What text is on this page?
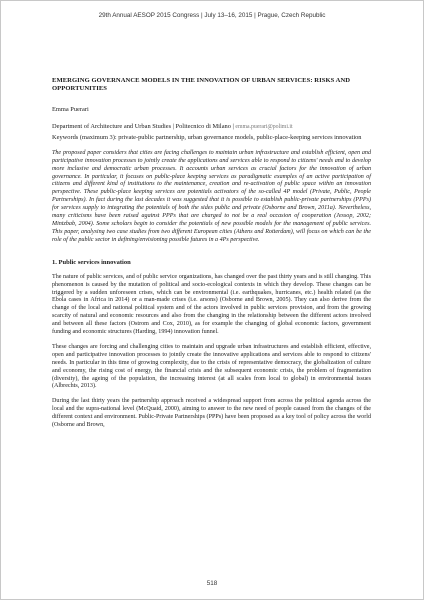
29th Annual AESOP 2015 Congress | July 13–16, 2015 | Prague, Czech Republic

EMERGING GOVERNANCE MODELS IN THE INNOVATION OF URBAN SERVICES: RISKS AND OPPORTUNITIES

Emma Puerari

Department of Architecture and Urban Studies | Politecnico di Milano | emma.puerari@polimi.it

Keywords (maximum 3): private-public partnership, urban governance models, public-place-keeping services innovation

The proposed paper considers that cities are facing challenges to maintain urban infrastructure and establish efficient, open and participative innovation processes to jointly create the applications and services able to respond to citizens' needs and to develop more inclusive and democratic urban processes. It accounts urban services as crucial factors for the innovation of urban governance. In particular, it focuses on public-place keeping services as paradigmatic examples of an active participation of citizens and different kind of institutions to the maintenance, creation and re-activation of public space within an innovation perspective. These public-place keeping services are potentials activators of the so-called 4P model (Private, Public, People Partnerships). In fact during the last decades it was suggested that it is possible to establish public-private partnerships (PPPs) for services supply to integrating the potentials of both the sides public and private (Osborne and Brown, 2011a). Nevertheless, many criticisms have been raised against PPPs that are charged to not be a real occasion of cooperation (Jessop, 2002; Mintzbab, 2004). Some scholars begin to consider the potentials of new possible models for the management of public services. This paper, analysing two case studies from two different European cities (Athens and Rotterdam), will focus on which can be the role of the public sector in defining/envisioning possible futures in a 4Ps perspective.

1. Public services innovation

The nature of public services, and of public service organizations, has changed over the past thirty years and is still changing. This phenomenon is caused by the mutation of political and socio-ecological contexts in which they develop. These changes can be triggered by a sudden unforeseen crises, which can be environmental (i.e. earthquakes, hurricanes, etc.) health related (as the Ebola cases in Africa in 2014) or a man-made crises (i.e. arsons) (Osborne and Brown, 2005). They can also derive from the change of the local and national political system and of the actors involved in public services provision, and from the growing scarcity of natural and economic resources and also from the changing in the relationship between the different actors involved and between all these factors (Ostrom and Cox, 2010), as for example the changing of global economic factors, government funding and economic structures (Harding, 1994) innovation funnel.

These changes are forcing and challenging cities to maintain and upgrade urban infrastructures and establish efficient, effective, open and participative innovation processes to jointly create the innovative applications and services able to respond to citizens' needs. In particular in this time of growing complexity, due to the crisis of representative democracy, the globalization of culture and economy, the rising cost of energy, the financial crisis and the subsequent economic crisis, the problem of fragmentation (diversity), the ageing of the population, the increasing interest (at all scales from local to global) in environmental issues (Albrechts, 2013).

During the last thirty years the partnership approach received a widespread support from across the political agenda across the local and the supra-national level (McQuaid, 2000), aiming to answer to the new need of people caused from the changes of the different context and environment. Public-Private Partnerships (PPPs) have been proposed as a key tool of policy across the world (Osborne and Brown,

518
